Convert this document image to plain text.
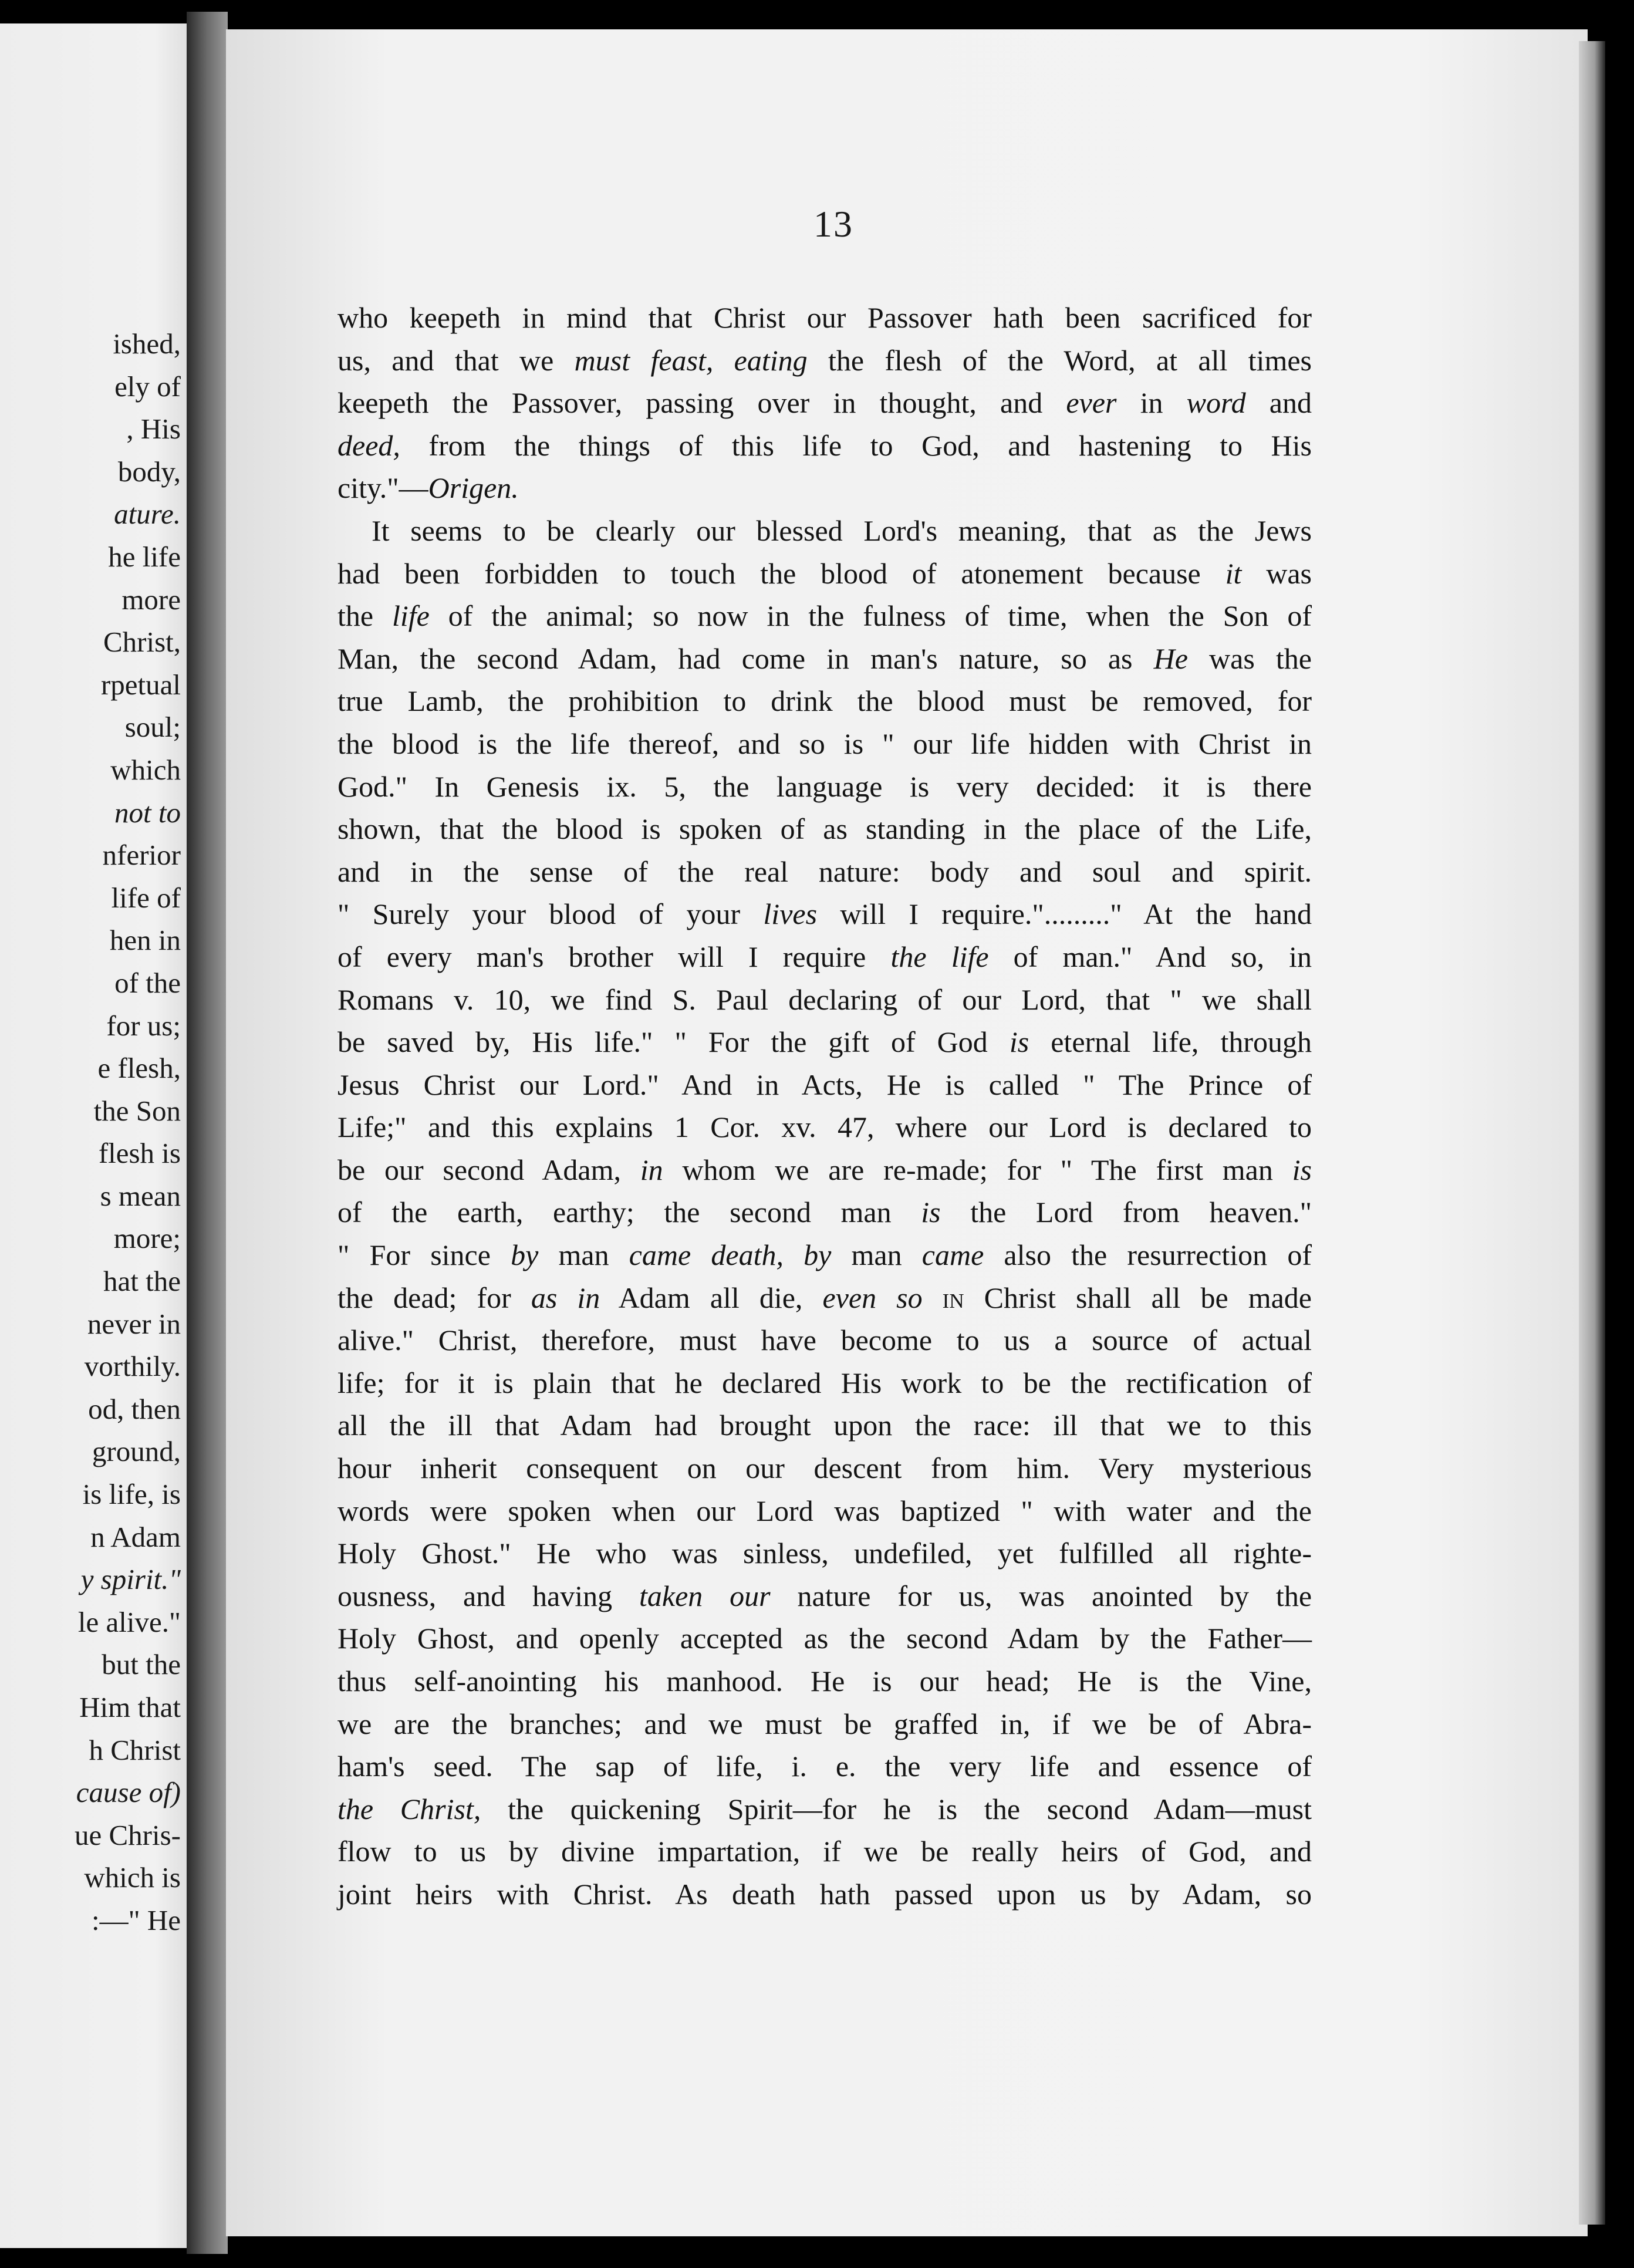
ished,
ely of
, His
body,
ature.
he life
more
Christ,
rpetual
soul;
which
not to
nferior
life of
hen in
of the
for us;
e flesh,
the Son
flesh is
s mean
more;
hat the
never in
vorthily.
od, then
ground,
is life, is
n Adam
y spirit."
le alive."
but the
Him that
h Christ
cause of)
ue Chris-
which is
:—" He
13
who keepeth in mind that Christ our Passover hath been sacrificed for
us, and that we must feast, eating the flesh of the Word, at all times
keepeth the Passover, passing over in thought, and ever in word and
deed, from the things of this life to God, and hastening to His
city."—Origen.
It seems to be clearly our blessed Lord's meaning, that as the Jews
had been forbidden to touch the blood of atonement because it was
the life of the animal; so now in the fulness of time, when the Son of
Man, the second Adam, had come in man's nature, so as He was the
true Lamb, the prohibition to drink the blood must be removed, for
the blood is the life thereof, and so is " our life hidden with Christ in
God." In Genesis ix. 5, the language is very decided: it is there
shown, that the blood is spoken of as standing in the place of the Life,
and in the sense of the real nature: body and soul and spirit.
" Surely your blood of your lives will I require."........." At the hand
of every man's brother will I require the life of man." And so, in
Romans v. 10, we find S. Paul declaring of our Lord, that " we shall
be saved by, His life." " For the gift of God is eternal life, through
Jesus Christ our Lord." And in Acts, He is called " The Prince of
Life;" and this explains 1 Cor. xv. 47, where our Lord is declared to
be our second Adam, in whom we are re-made; for " The first man is
of the earth, earthy; the second man is the Lord from heaven."
" For since by man came death, by man came also the resurrection of
the dead; for as in Adam all die, even so in Christ shall all be made
alive." Christ, therefore, must have become to us a source of actual
life; for it is plain that he declared His work to be the rectification of
all the ill that Adam had brought upon the race: ill that we to this
hour inherit consequent on our descent from him. Very mysterious
words were spoken when our Lord was baptized " with water and the
Holy Ghost." He who was sinless, undefiled, yet fulfilled all righte-
ousness, and having taken our nature for us, was anointed by the
Holy Ghost, and openly accepted as the second Adam by the Father—
thus self-anointing his manhood. He is our head; He is the Vine,
we are the branches; and we must be graffed in, if we be of Abra-
ham's seed. The sap of life, i. e. the very life and essence of
the Christ, the quickening Spirit—for he is the second Adam—must
flow to us by divine impartation, if we be really heirs of God, and
joint heirs with Christ. As death hath passed upon us by Adam, so
